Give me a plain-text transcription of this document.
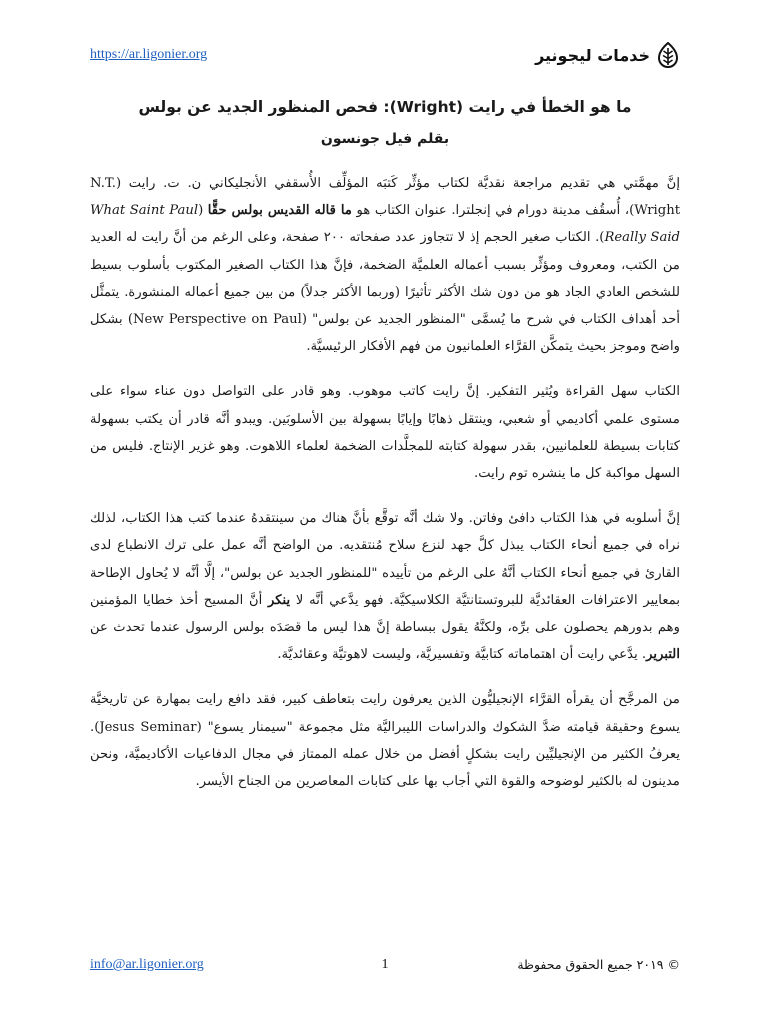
https://ar.ligonier.org	خدمات ليجونير
ما هو الخطأ في رايت (Wright): فحص المنظور الجديد عن بولس
بقلم فيل جونسون

إنَّ مهمَّتي هي تقديم مراجعة نقديَّة لكتاب مؤثِّر كَتبَه المؤلِّف الأُسقفي الأنجليكاني ن. ت. رايت (N.T. Wright)، أُسقُف مدينة دورام في إنجلترا. عنوان الكتاب هو ما قاله القديس بولس حقًّا (What Saint Paul Really Said). الكتاب صغير الحجم إذ لا تتجاوز عدد صفحاته ٢٠٠ صفحة، وعلى الرغم من أنَّ رايت له العديد من الكتب، ومعروف ومؤثِّر بسبب أعماله العلميَّة الضخمة، فإنَّ هذا الكتاب الصغير المكتوب بأسلوب بسيط للشخص العادي الجاد هو من دون شك الأكثر تأثيرًا (وربما الأكثر جدلاً) من بين جميع أعماله المنشورة. يتمثَّل أحد أهداف الكتاب في شرح ما يُسمَّى "المنظور الجديد عن بولس" (New Perspective on Paul) بشكل واضح وموجز بحيث يتمكَّن القرَّاء العلمانيون من فهم الأفكار الرئيسيَّة.

الكتاب سهل القراءة ويُثير التفكير. إنَّ رايت كاتب موهوب. وهو قادر على التواصل دون عناء سواء على مستوى علمي أكاديمي أو شعبي، وينتقل ذهابًا وإيابًا بسهولة بين الأسلوبَين. ويبدو أنَّه قادر أن يكتب بسهولة كتابات بسيطة للعلمانيين، بقدر سهولة كتابته للمجلَّدات الضخمة لعلماء اللاهوت. وهو غزير الإنتاج. فليس من السهل مواكبة كل ما ينشره توم رايت.

إنَّ أسلوبه في هذا الكتاب دافئ وفاتن. ولا شك أنَّه توقَّع بأنَّ هناك من سينتقدهُ عندما كتب هذا الكتاب، لذلك نراه في جميع أنحاء الكتاب يبذل كلَّ جهد لنزع سلاح مُنتقديه. من الواضح أنَّه عمل على ترك الانطباع لدى القارئ في جميع أنحاء الكتاب أنَّهُ على الرغم من تأييده "للمنظور الجديد عن بولس"، إلَّا أنَّه لا يُحاول الإطاحة بمعايير الاعترافات العقائديَّة للبروتستانتيَّة الكلاسيكيَّة. فهو يدَّعي أنَّه لا ينكر أنَّ المسيح أخذ خطايا المؤمنين وهم بدورهم يحصلون على برِّه، ولكنَّهُ يقول ببساطة إنَّ هذا ليس ما قصَدَه بولس الرسول عندما تحدث عن التبرير. يدَّعي رايت أن اهتماماته كتابيَّة وتفسيريَّة، وليست لاهوتيَّة وعقائديَّة.

من المرجَّح أن يقرأه القرَّاء الإنجيليُّون الذين يعرفون رايت بتعاطف كبير، فقد دافع رايت بمهارة عن تاريخيَّة يسوع وحقيقة قيامته ضدَّ الشكوك والدراسات الليبراليَّة مثل مجموعة "سيمنار يسوع" (Jesus Seminar). يعرفُ الكثير من الإنجيليِّين رايت بشكلٍ أفضل من خلال عمله الممتاز في مجال الدفاعيات الأكاديميَّة، ونحن مدينون له بالكثير لوضوحه والقوة التي أجاب بها على كتابات المعاصرين من الجناح الأيسر.

info@ar.ligonier.org	1	© ٢٠١٩ جميع الحقوق محفوظة
